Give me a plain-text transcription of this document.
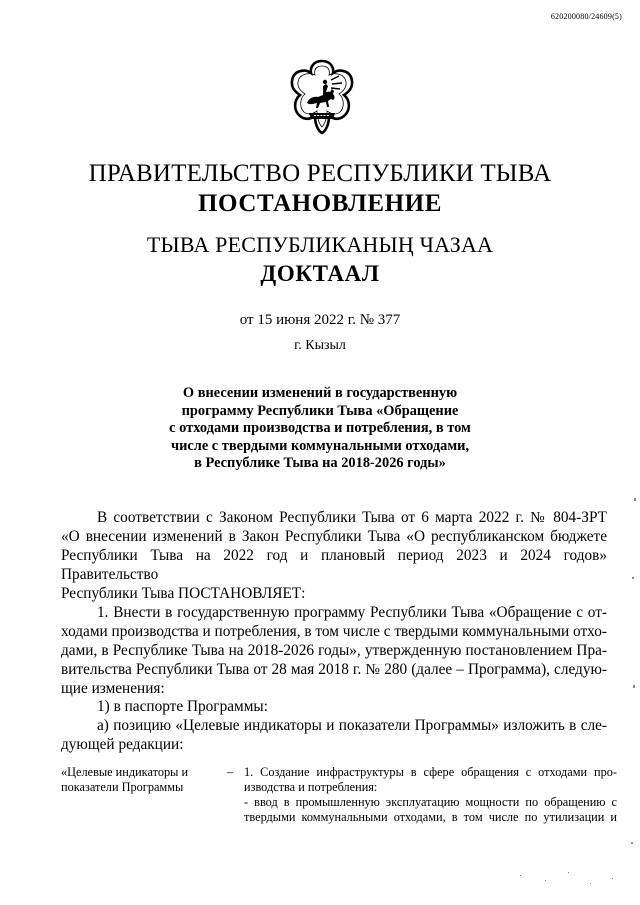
620200080/24609(5)
ПРАВИТЕЛЬСТВО РЕСПУБЛИКИ ТЫВА
ПОСТАНОВЛЕНИЕ
ТЫВА РЕСПУБЛИКАНЫҢ ЧАЗАА
ДОКТААЛ
от 15 июня 2022 г. № 377
г. Кызыл
О внесении изменений в государственную
программу Республики Тыва «Обращение
с отходами производства и потребления, в том
числе с твердыми коммунальными отходами,
в Республике Тыва на 2018-2026 годы»
В соответствии с Законом Республики Тыва от 6 марта 2022 г. № 804-ЗРТ
«О внесении изменений в Закон Республики Тыва «О республиканском бюджете
Республики Тыва на 2022 год и плановый период 2023 и 2024 годов» Правительство
Республики Тыва ПОСТАНОВЛЯЕТ:
1. Внести в государственную программу Республики Тыва «Обращение с от-
ходами производства и потребления, в том числе с твердыми коммунальными отхо-
дами, в Республике Тыва на 2018-2026 годы», утвержденную постановлением Пра-
вительства Республики Тыва от 28 мая 2018 г. № 280 (далее – Программа), следую-
щие изменения:
1) в паспорте Программы:
а) позицию «Целевые индикаторы и показатели Программы» изложить в сле-
дующей редакции:
«Целевые индикаторы и
показатели Программы
– 1. Создание инфраструктуры в сфере обращения с отходами про-
изводства и потребления:
- ввод в промышленную эксплуатацию мощности по обращению с
твердыми коммунальными отходами, в том числе по утилизации и
